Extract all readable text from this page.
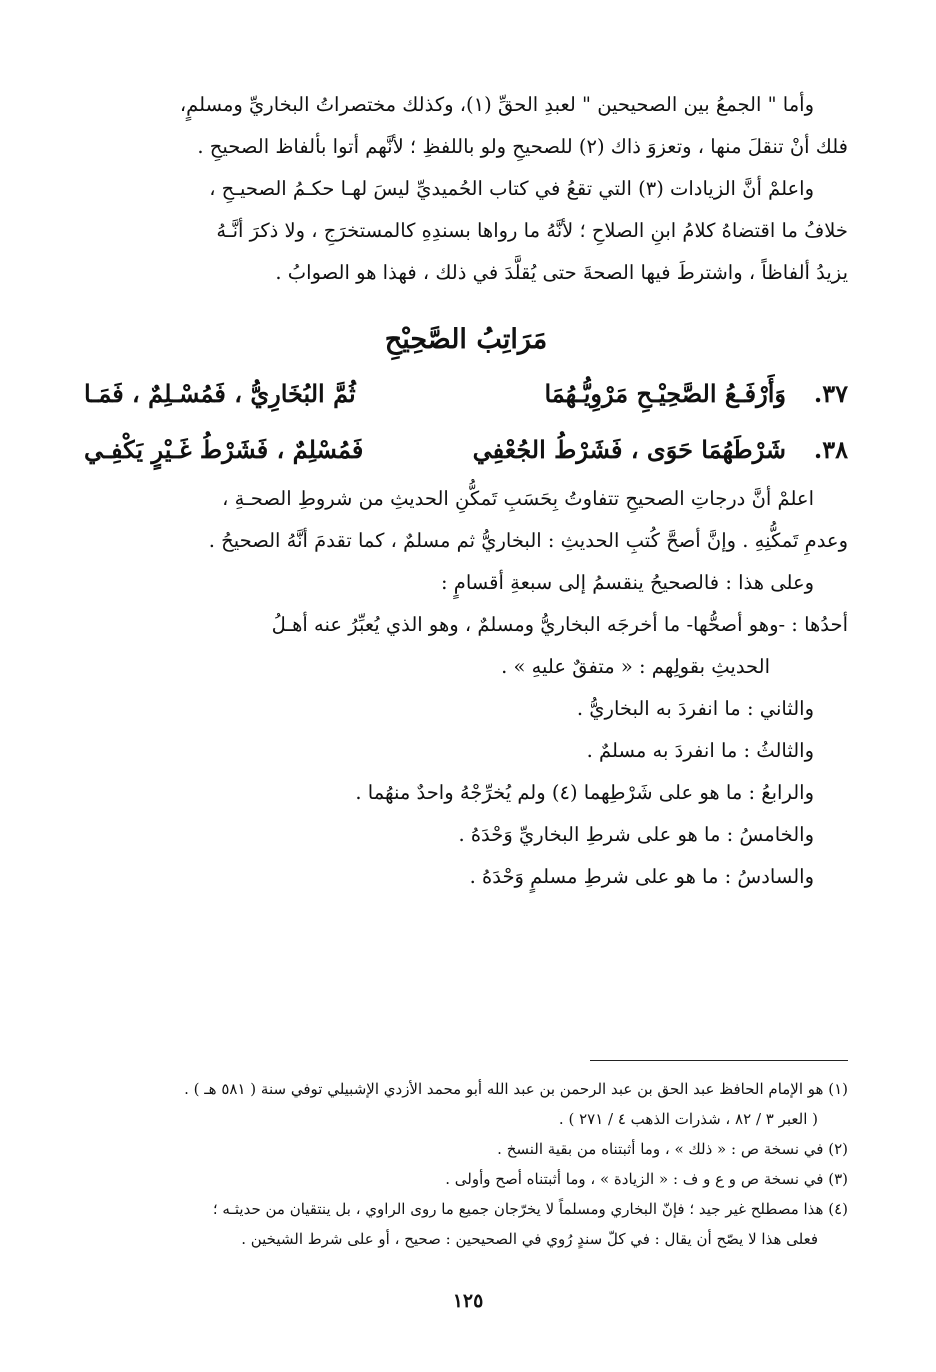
وأما " الجمعُ بين الصحيحين " لعبدِ الحقِّ (١)، وكذلك مختصراتُ البخاريِّ ومسلمٍ،
فلك أنْ تنقلَ منها ، وتعزوَ ذاك (٢) للصحيحِ ولو باللفظِ ؛ لأنَّهم أتوا بألفاظ الصحيحِ .
واعلمْ أنَّ الزيادات (٣) التي تقعُ في كتاب الحُميديِّ ليسَ لهـا حكـمُ الصحيـحِ ،
خلافُ ما اقتضاهُ كلامُ ابنِ الصلاحِ ؛ لأنَّهُ ما رواها بسندِهِ كالمستخرَجِ ، ولا ذكرَ أنَّـهُ
يزيدُ ألفاظاً ، واشترطَ فيها الصحةَ حتى يُقلَّدَ في ذلك ، فهذا هو الصوابُ .
مَرَاتِبُ الصَّحِيْحِ
٣٧.
وَأَرْفَـعُ الصَّحِيْـحِ مَرْوِيُّـهُمَا
ثُمَّ البُخَارِيُّ ، فَمُسْـلِمٌ ، فَمَـا
٣٨.
شَرْطَهُمَا حَوَى ، فَشَرْطُ الجُعْفِي
فَمُسْلِمٌ ، فَشَرْطُ غَـيْرٍ يَكْفِـي
اعلمْ أنَّ درجاتِ الصحيحِ تتفاوتُ بِحَسَبِ تَمكُّنِ الحديثِ من شروطِ الصحـةِ ،
وعدمِ تَمكُّنِهِ . وإنَّ أصحَّ كُتبِ الحديثِ : البخاريُّ ثم مسلمٌ ، كما تقدمَ أنَّهُ الصحيحُ .
وعلى هذا : فالصحيحُ ينقسمُ إلى سبعةِ أقسامٍ :
أحدُها : -وهو أصحُّها- ما أخرجَه البخاريُّ ومسلمٌ ، وهو الذي يُعبِّرُ عنه أهـلُ
الحديثِ بقولِهم : « متفقٌ عليهِ » .
والثاني : ما انفردَ به البخاريُّ .
والثالثُ : ما انفردَ به مسلمٌ .
والرابعُ : ما هو على شَرْطِهما (٤) ولم يُخرِّجْهُ واحدٌ منهُما .
والخامسُ : ما هو على شرطِ البخاريِّ وَحْدَهُ .
والسادسُ : ما هو على شرطِ مسلمٍ وَحْدَهُ .
(١) هو الإمام الحافظ عبد الحق بن عبد الرحمن بن عبد الله أبو محمد الأزدي الإشبيلي توفي سنة ( ٥٨١ هـ ) .
( العبر ٣ / ٨٢ ، شذرات الذهب ٤ / ٢٧١ ) .
(٢) في نسخة ص : « ذلك » ، وما أثبتناه من بقية النسخ .
(٣) في نسخة ص و ع و ف : « الزيادة » ، وما أثبتناه أصح وأولى .
(٤) هذا مصطلح غير جيد ؛ فإنّ البخاري ومسلماً لا يخرّجان جميع ما روى الراوي ، بل ينتقيان من حديثـه ؛
فعلى هذا لا يصّح أن يقال : في كلّ سندٍ رُوي في الصحيحين : صحيح ، أو على شرط الشيخين .
١٢٥
